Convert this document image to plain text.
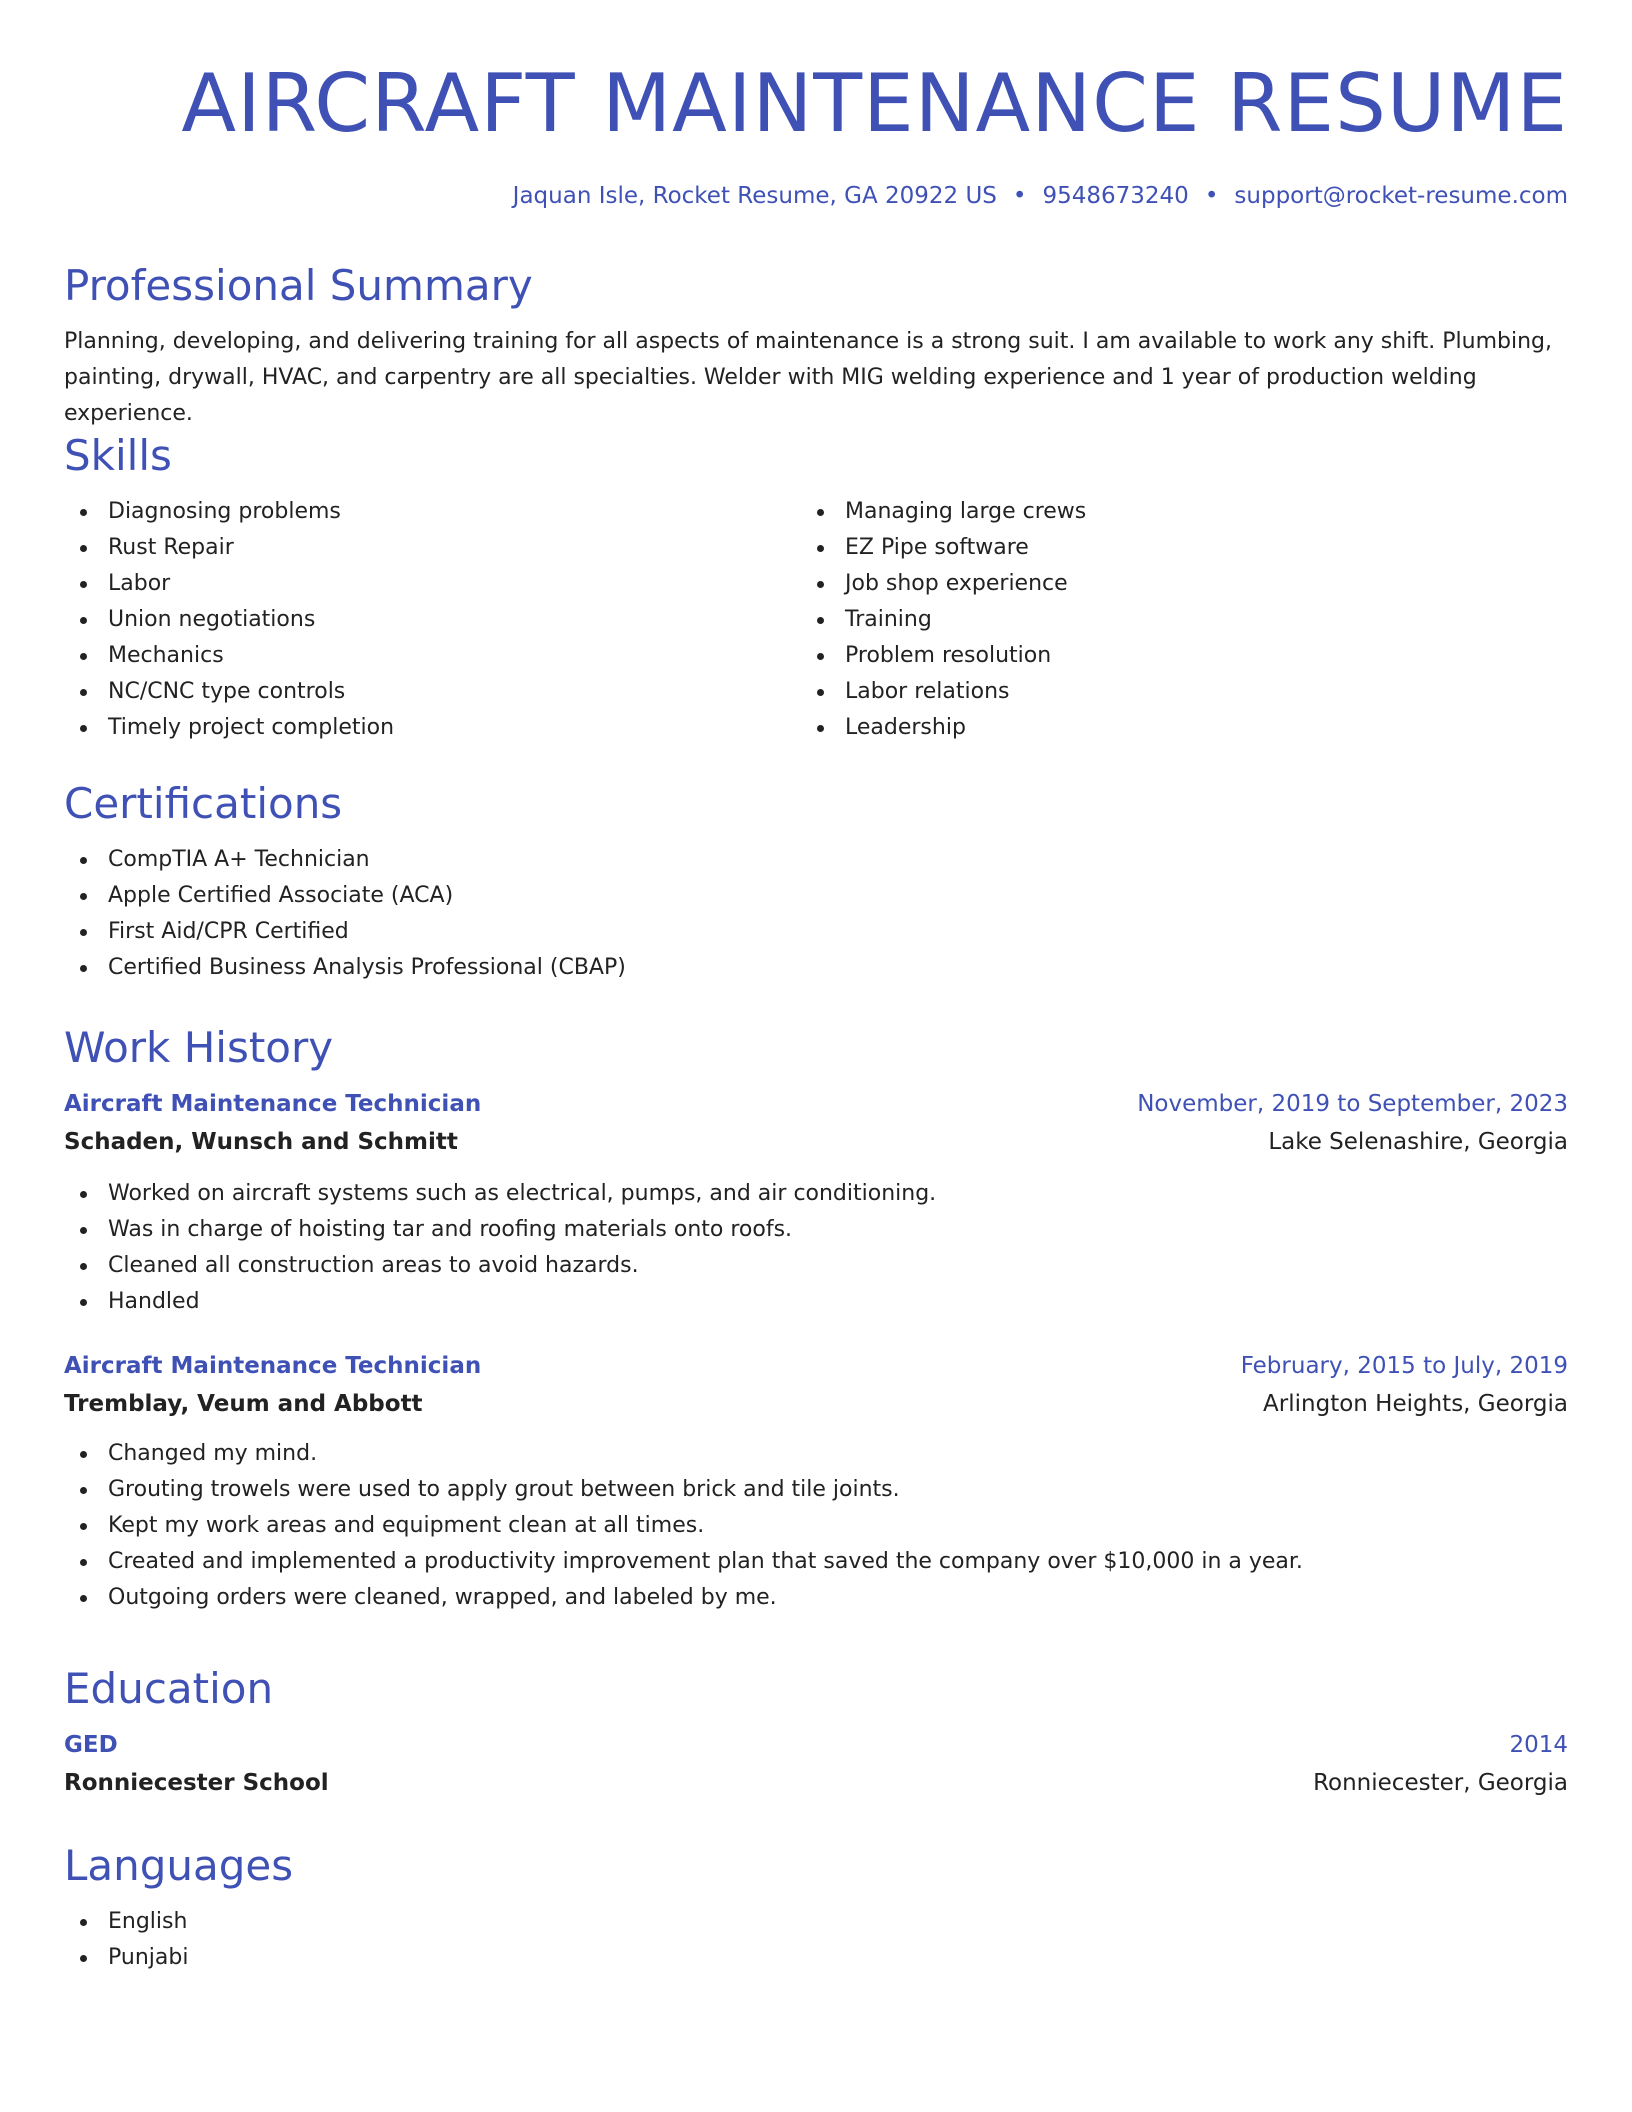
AIRCRAFT MAINTENANCE RESUME
Jaquan Isle, Rocket Resume, GA 20922 US • 9548673240 • support@rocket-resume.com
Professional Summary

Planning, developing, and delivering training for all aspects of maintenance is a strong suit. I am available to work any shift. Plumbing, painting, drywall, HVAC, and carpentry are all specialties. Welder with MIG welding experience and 1 year of production welding experience.

Skills
Diagnosing problems
Rust Repair
Labor
Union negotiations
Mechanics
NC/CNC type controls
Timely project completion
Managing large crews
EZ Pipe software
Job shop experience
Training
Problem resolution
Labor relations
Leadership
Certifications
CompTIA A+ Technician
Apple Certified Associate (ACA)
First Aid/CPR Certified
Certified Business Analysis Professional (CBAP)
Work History
Aircraft Maintenance Technician	November, 2019 to September, 2023
Schaden, Wunsch and Schmitt	Lake Selenashire, Georgia
Worked on aircraft systems such as electrical, pumps, and air conditioning.
Was in charge of hoisting tar and roofing materials onto roofs.
Cleaned all construction areas to avoid hazards.
Handled
Aircraft Maintenance Technician	February, 2015 to July, 2019
Tremblay, Veum and Abbott	Arlington Heights, Georgia
Changed my mind.
Grouting trowels were used to apply grout between brick and tile joints.
Kept my work areas and equipment clean at all times.
Created and implemented a productivity improvement plan that saved the company over $10,000 in a year.
Outgoing orders were cleaned, wrapped, and labeled by me.
Education
GED	2014
Ronniecester School	Ronniecester, Georgia
Languages
English
Punjabi
